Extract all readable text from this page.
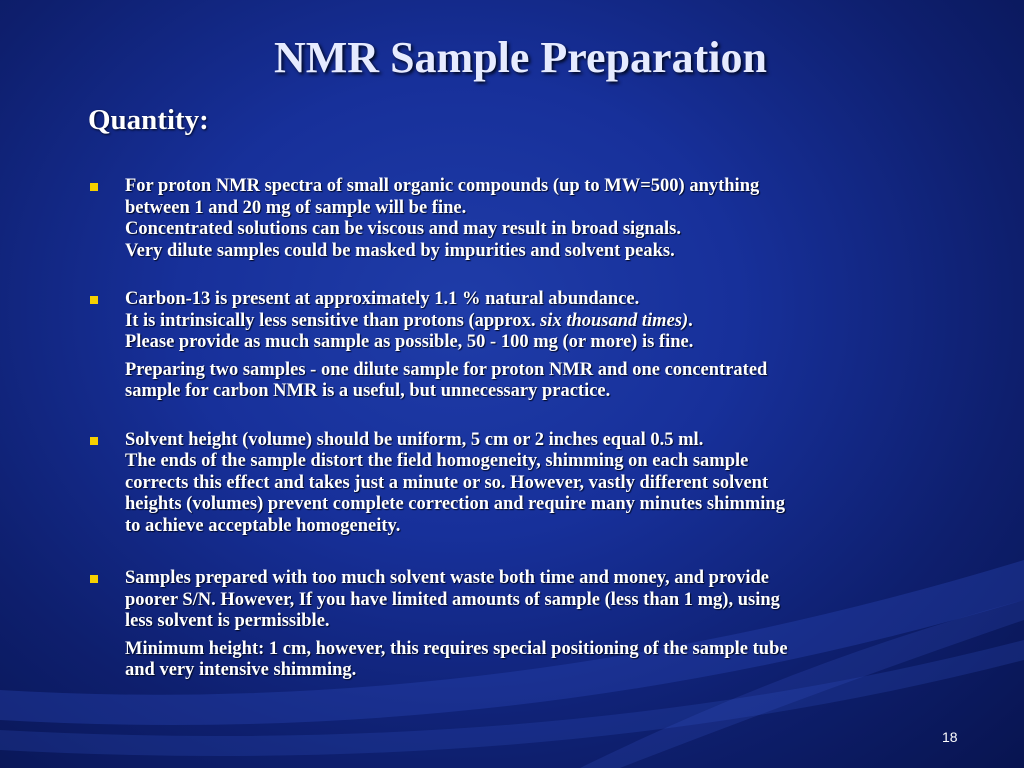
NMR Sample Preparation
Quantity:
For proton NMR spectra of small organic compounds (up to MW=500) anything
between 1 and 20 mg of sample will be fine.
Concentrated solutions can be viscous and may result in broad signals.
Very dilute samples could be masked by impurities and solvent peaks.
Carbon-13 is present at approximately 1.1 % natural abundance.
It is intrinsically less sensitive than protons (approx. six thousand times).
Please provide as much sample as possible, 50 - 100 mg (or more) is fine.
Preparing two samples - one dilute sample for proton NMR and one concentrated
sample for carbon NMR is a useful, but unnecessary practice.
Solvent height (volume) should be uniform, 5 cm or 2 inches equal 0.5 ml.
The ends of the sample distort the field homogeneity, shimming on each sample
corrects this effect and takes just a minute or so. However, vastly different solvent
heights (volumes) prevent complete correction and require many minutes shimming
to achieve acceptable homogeneity.
Samples prepared with too much solvent waste both time and money, and provide
poorer S/N. However, If you have limited amounts of sample (less than 1 mg), using
less solvent is permissible.
Minimum height: 1 cm, however, this requires special positioning of the sample tube
and very intensive shimming.
18
